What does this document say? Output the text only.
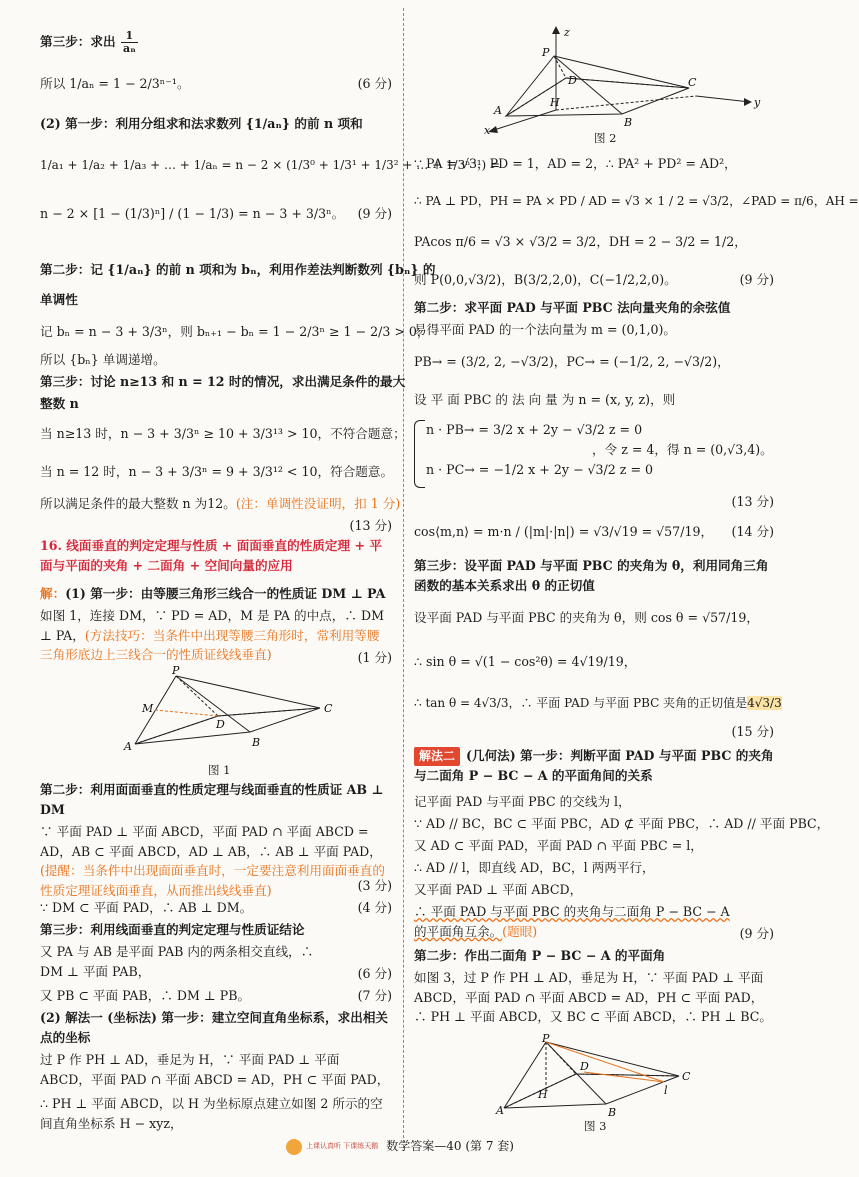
第三步：求出 $\frac{1}{\text{aₙ}}$
所以 1/aₙ = 1 − 2/3ⁿ⁻¹。	(6 分)
(2) 第一步：利用分组求和法求数列 {1/aₙ} 的前 n 项和
1/a₁ + 1/a₂ + 1/a₃ + … + 1/aₙ = n − 2 × (1/3⁰ + 1/3¹ + 1/3² + … + 1/3ⁿ⁻¹) =
n − 2 × [1 − (1/3)ⁿ] / (1 − 1/3) = n − 3 + 3/3ⁿ。 (9 分)
第二步：记 {1/aₙ} 的前 n 项和为 bₙ，利用作差法判断数列 {bₙ} 的
单调性
记 bₙ = n − 3 + 3/3ⁿ，则 bₙ₊₁ − bₙ = 1 − 2/3ⁿ ≥ 1 − 2/3 > 0，
所以 {bₙ} 单调递增。
第三步：讨论 n≥13 和 n = 12 时的情况，求出满足条件的最大
整数 n
当 n≥13 时，n − 3 + 3/3ⁿ ≥ 10 + 3/3¹³ > 10，不符合题意；
当 n = 12 时，n − 3 + 3/3ⁿ = 9 + 3/3¹² < 10，符合题意。
所以满足条件的最大整数 n 为12。(注：单调性没证明，扣 1 分)
(13 分)
16. 线面垂直的判定定理与性质 + 面面垂直的性质定理 + 平面与平面的夹角 + 二面角 + 空间向量的应用
解：(1) 第一步：由等腰三角形三线合一的性质证 DM ⊥ PA
如图 1，连接 DM，∵ PD = AD，M 是 PA 的中点，∴ DM ⊥ PA，(方法技巧：当条件中出现等腰三角形时，常利用等腰三角形底边上三线合一的性质证线线垂直)	(1 分)
P
M
D
C
A	B
图 1
第二步：利用面面垂直的性质定理与线面垂直的性质证 AB ⊥ DM
∵ 平面 PAD ⊥ 平面 ABCD，平面 PAD ∩ 平面 ABCD = AD，AB ⊂ 平面 ABCD，AD ⊥ AB，∴ AB ⊥ 平面 PAD，(提醒：当条件中出现面面垂直时，一定要注意利用面面垂直的性质定理证线面垂直，从而推出线线垂直)	(3 分)
∵ DM ⊂ 平面 PAD，∴ AB ⊥ DM。	(4 分)
第三步：利用线面垂直的判定定理与性质证结论
又 PA 与 AB 是平面 PAB 内的两条相交直线，∴ DM ⊥ 平面 PAB，	(6 分)
又 PB ⊂ 平面 PAB，∴ DM ⊥ PB。	(7 分)
(2) 解法一 (坐标法) 第一步：建立空间直角坐标系，求出相关点的坐标
过 P 作 PH ⊥ AD，垂足为 H，∵ 平面 PAD ⊥ 平面 ABCD，平面 PAD ∩ 平面 ABCD = AD，PH ⊂ 平面 PAD，
∴ PH ⊥ 平面 ABCD，以 H 为坐标原点建立如图 2 所示的空间直角坐标系 H − xyz，
z
P
D
H
C
y
A
B
x
图 2
∵ PA = √3，PD = 1，AD = 2，∴ PA² + PD² = AD²，
∴ PA ⊥ PD，PH = PA × PD / AD = √3 × 1 / 2 = √3/2，∠PAD = π/6，AH =
PAcos π/6 = √3 × √3/2 = 3/2，DH = 2 − 3/2 = 1/2，
则 P(0,0,√3/2)，B(3/2,2,0)，C(−1/2,2,0)。	(9 分)
第二步：求平面 PAD 与平面 PBC 法向量夹角的余弦值
易得平面 PAD 的一个法向量为 m = (0,1,0)。
PB→ = (3/2, 2, −√3/2)，PC→ = (−1/2, 2, −√3/2)，
设 平 面 PBC 的 法 向 量 为 n = (x, y, z)，则
n · PB→ = 3/2 x + 2y − √3/2 z = 0
n · PC→ = −1/2 x + 2y − √3/2 z = 0
，令 z = 4，得 n = (0,√3,4)。
(13 分)
cos⟨m,n⟩ = m·n / (|m|·|n|) = √3/√19 = √57/19， (14 分)
第三步：设平面 PAD 与平面 PBC 的夹角为 θ，利用同角三角函数的基本关系求出 θ 的正切值
设平面 PAD 与平面 PBC 的夹角为 θ，则 cos θ = √57/19，
∴ sin θ = √(1 − cos²θ) = 4√19/19，
∴ tan θ = 4√3/3，∴ 平面 PAD 与平面 PBC 夹角的正切值是4√3/3
(15 分)
解法二 (几何法) 第一步：判断平面 PAD 与平面 PBC 的夹角与二面角 P − BC − A 的平面角间的关系
记平面 PAD 与平面 PBC 的交线为 l，
∵ AD // BC，BC ⊂ 平面 PBC，AD ⊄ 平面 PBC，∴ AD // 平面 PBC，
又 AD ⊂ 平面 PAD，平面 PAD ∩ 平面 PBC = l，
∴ AD // l，即直线 AD，BC，l 两两平行，
又平面 PAD ⊥ 平面 ABCD，
∴ 平面 PAD 与平面 PBC 的夹角与二面角 P − BC − A 的平面角互余。(题眼)	(9 分)
第二步：作出二面角 P − BC − A 的平面角
如图 3，过 P 作 PH ⊥ AD，垂足为 H，∵ 平面 PAD ⊥ 平面 ABCD，平面 PAD ∩ 平面 ABCD = AD，PH ⊂ 平面 PAD，∴ PH ⊥ 平面 ABCD，又 BC ⊂ 平面 ABCD，∴ PH ⊥ BC。
P
D
H
C
l
A	B
图 3
上课认真听 下课练天鹅 数学答案—40 (第 7 套)
